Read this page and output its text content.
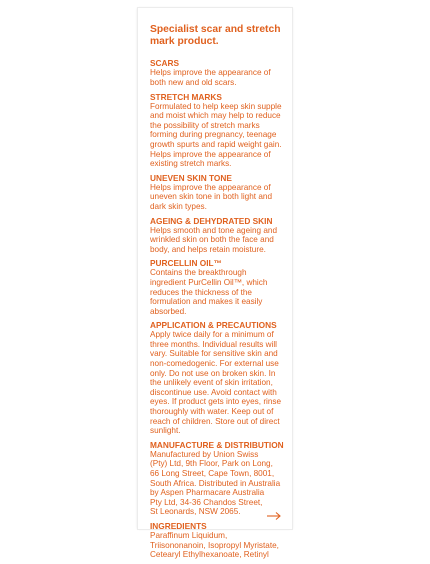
Specialist scar and stretch mark product.

SCARS

Helps improve the appearance of
both new and old scars.

STRETCH MARKS

Formulated to help keep skin supple
and moist which may help to reduce
the possibility of stretch marks
forming during pregnancy, teenage
growth spurts and rapid weight gain.
Helps improve the appearance of
existing stretch marks.

UNEVEN SKIN TONE

Helps improve the appearance of
uneven skin tone in both light and
dark skin types.

AGEING & DEHYDRATED SKIN

Helps smooth and tone ageing and
wrinkled skin on both the face and
body, and helps retain moisture.

PURCELLIN OIL™

Contains the breakthrough
ingredient PurCellin Oil™, which
reduces the thickness of the
formulation and makes it easily
absorbed.

APPLICATION & PRECAUTIONS

Apply twice daily for a minimum of
three months. Individual results will
vary. Suitable for sensitive skin and
non-comedogenic. For external use
only. Do not use on broken skin. In
the unlikely event of skin irritation,
discontinue use. Avoid contact with
eyes. If product gets into eyes, rinse
thoroughly with water. Keep out of
reach of children. Store out of direct
sunlight.

MANUFACTURE & DISTRIBUTION

Manufactured by Union Swiss
(Pty) Ltd, 9th Floor, Park on Long,
66 Long Street, Cape Town, 8001,
South Africa. Distributed in Australia
by Aspen Pharmacare Australia
Pty Ltd, 34-36 Chandos Street,
St Leonards, NSW 2065.

INGREDIENTS

Paraffinum Liquidum,
Triisononanoin, Isopropyl Myristate,
Cetearyl Ethylhexanoate, Retinyl
